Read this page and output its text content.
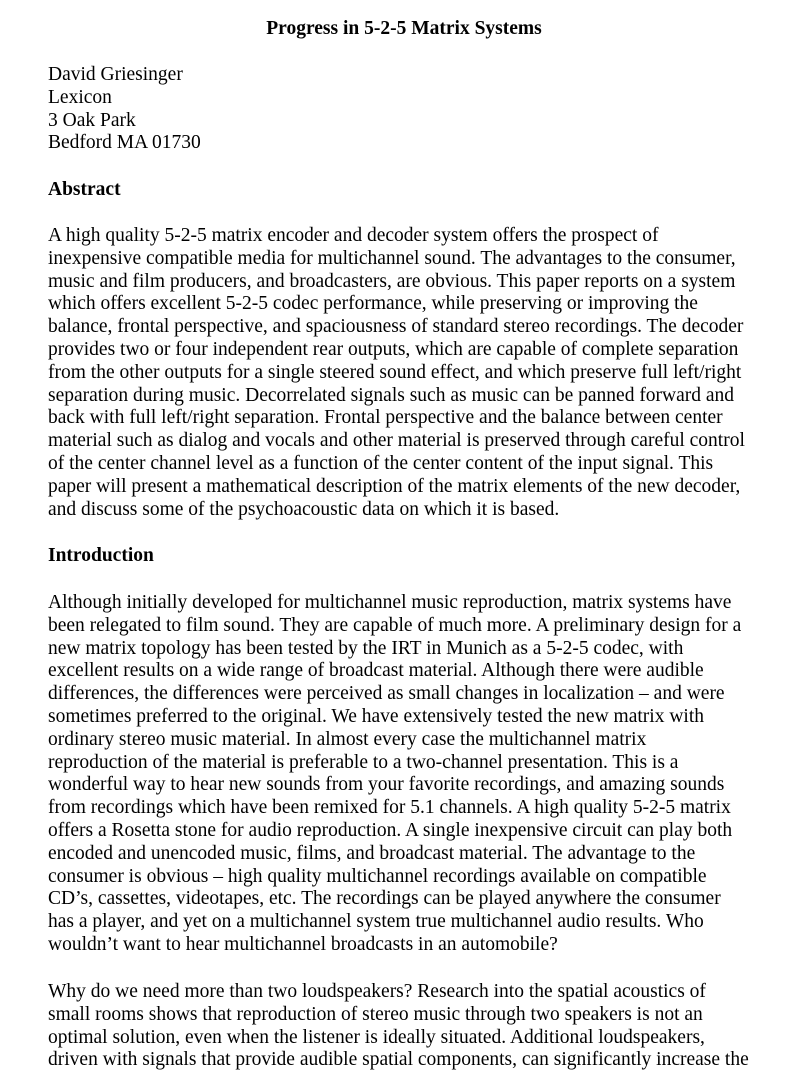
Progress in 5-2-5 Matrix Systems
David Griesinger
Lexicon
3 Oak Park
Bedford MA 01730
Abstract

A high quality 5-2-5 matrix encoder and decoder system offers the prospect of
inexpensive compatible media for multichannel sound. The advantages to the consumer,
music and film producers, and broadcasters, are obvious. This paper reports on a system
which offers excellent 5-2-5 codec performance, while preserving or improving the
balance, frontal perspective, and spaciousness of standard stereo recordings. The decoder
provides two or four independent rear outputs, which are capable of complete separation
from the other outputs for a single steered sound effect, and which preserve full left/right
separation during music. Decorrelated signals such as music can be panned forward and
back with full left/right separation. Frontal perspective and the balance between center
material such as dialog and vocals and other material is preserved through careful control
of the center channel level as a function of the center content of the input signal. This
paper will present a mathematical description of the matrix elements of the new decoder,
and discuss some of the psychoacoustic data on which it is based.

Introduction

Although initially developed for multichannel music reproduction, matrix systems have
been relegated to film sound. They are capable of much more. A preliminary design for a
new matrix topology has been tested by the IRT in Munich as a 5-2-5 codec, with
excellent results on a wide range of broadcast material. Although there were audible
differences, the differences were perceived as small changes in localization – and were
sometimes preferred to the original. We have extensively tested the new matrix with
ordinary stereo music material. In almost every case the multichannel matrix
reproduction of the material is preferable to a two-channel presentation. This is a
wonderful way to hear new sounds from your favorite recordings, and amazing sounds
from recordings which have been remixed for 5.1 channels. A high quality 5-2-5 matrix
offers a Rosetta stone for audio reproduction. A single inexpensive circuit can play both
encoded and unencoded music, films, and broadcast material. The advantage to the
consumer is obvious – high quality multichannel recordings available on compatible
CD’s, cassettes, videotapes, etc. The recordings can be played anywhere the consumer
has a player, and yet on a multichannel system true multichannel audio results. Who
wouldn’t want to hear multichannel broadcasts in an automobile?

Why do we need more than two loudspeakers? Research into the spatial acoustics of
small rooms shows that reproduction of stereo music through two speakers is not an
optimal solution, even when the listener is ideally situated. Additional loudspeakers,
driven with signals that provide audible spatial components, can significantly increase the
